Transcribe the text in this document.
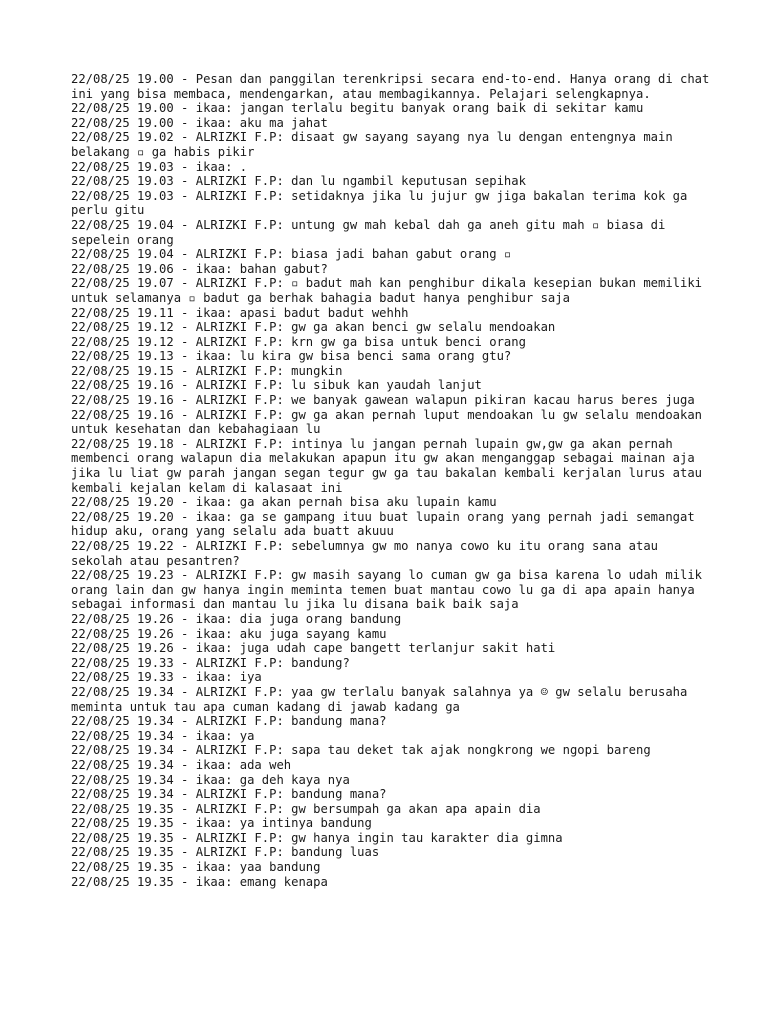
22/08/25 19.00 - Pesan dan panggilan terenkripsi secara end-to-end. Hanya orang di chat ini yang bisa membaca, mendengarkan, atau membagikannya. Pelajari selengkapnya.

22/08/25 19.00 - ikaa: jangan terlalu begitu banyak orang baik di sekitar kamu

22/08/25 19.00 - ikaa: aku ma jahat

22/08/25 19.02 - ALRIZKI F.P: disaat gw sayang sayang nya lu dengan entengnya main belakang ▫ ga habis pikir

22/08/25 19.03 - ikaa: .

22/08/25 19.03 - ALRIZKI F.P: dan lu ngambil keputusan sepihak

22/08/25 19.03 - ALRIZKI F.P: setidaknya jika lu jujur gw jiga bakalan terima kok ga perlu gitu

22/08/25 19.04 - ALRIZKI F.P: untung gw mah kebal dah ga aneh gitu mah ▫ biasa di sepelein orang

22/08/25 19.04 - ALRIZKI F.P: biasa jadi bahan gabut orang ▫

22/08/25 19.06 - ikaa: bahan gabut?

22/08/25 19.07 - ALRIZKI F.P: ▫ badut mah kan penghibur dikala kesepian bukan memiliki untuk selamanya ▫ badut ga berhak bahagia badut hanya penghibur saja

22/08/25 19.11 - ikaa: apasi badut badut wehhh

22/08/25 19.12 - ALRIZKI F.P: gw ga akan benci gw selalu mendoakan

22/08/25 19.12 - ALRIZKI F.P: krn gw ga bisa untuk benci orang

22/08/25 19.13 - ikaa: lu kira gw bisa benci sama orang gtu?

22/08/25 19.15 - ALRIZKI F.P: mungkin

22/08/25 19.16 - ALRIZKI F.P: lu sibuk kan yaudah lanjut

22/08/25 19.16 - ALRIZKI F.P: we banyak gawean walapun pikiran kacau harus beres juga

22/08/25 19.16 - ALRIZKI F.P: gw ga akan pernah luput mendoakan lu gw selalu mendoakan untuk kesehatan dan kebahagiaan lu

22/08/25 19.18 - ALRIZKI F.P: intinya lu jangan pernah lupain gw,gw ga akan pernah membenci orang walapun dia melakukan apapun itu gw akan menganggap sebagai mainan aja jika lu liat gw parah jangan segan tegur gw ga tau bakalan kembali kerjalan lurus atau kembali kejalan kelam di kalasaat ini

22/08/25 19.20 - ikaa: ga akan pernah bisa aku lupain kamu

22/08/25 19.20 - ikaa: ga se gampang ituu buat lupain orang yang pernah jadi semangat hidup aku, orang yang selalu ada buatt akuuu

22/08/25 19.22 - ALRIZKI F.P: sebelumnya gw mo nanya cowo ku itu orang sana atau sekolah atau pesantren?

22/08/25 19.23 - ALRIZKI F.P: gw masih sayang lo cuman gw ga bisa karena lo udah milik orang lain dan gw hanya ingin meminta temen buat mantau cowo lu ga di apa apain hanya sebagai informasi dan mantau lu jika lu disana baik baik saja

22/08/25 19.26 - ikaa: dia juga orang bandung

22/08/25 19.26 - ikaa: aku juga sayang kamu

22/08/25 19.26 - ikaa: juga udah cape bangett terlanjur sakit hati

22/08/25 19.33 - ALRIZKI F.P: bandung?

22/08/25 19.33 - ikaa: iya

22/08/25 19.34 - ALRIZKI F.P: yaa gw terlalu banyak salahnya ya ☺ gw selalu berusaha meminta untuk tau apa cuman kadang di jawab kadang ga

22/08/25 19.34 - ALRIZKI F.P: bandung mana?

22/08/25 19.34 - ikaa: ya

22/08/25 19.34 - ALRIZKI F.P: sapa tau deket tak ajak nongkrong we ngopi bareng

22/08/25 19.34 - ikaa: ada weh

22/08/25 19.34 - ikaa: ga deh kaya nya

22/08/25 19.34 - ALRIZKI F.P: bandung mana?

22/08/25 19.35 - ALRIZKI F.P: gw bersumpah ga akan apa apain dia

22/08/25 19.35 - ikaa: ya intinya bandung

22/08/25 19.35 - ALRIZKI F.P: gw hanya ingin tau karakter dia gimna

22/08/25 19.35 - ALRIZKI F.P: bandung luas

22/08/25 19.35 - ikaa: yaa bandung

22/08/25 19.35 - ikaa: emang kenapa
